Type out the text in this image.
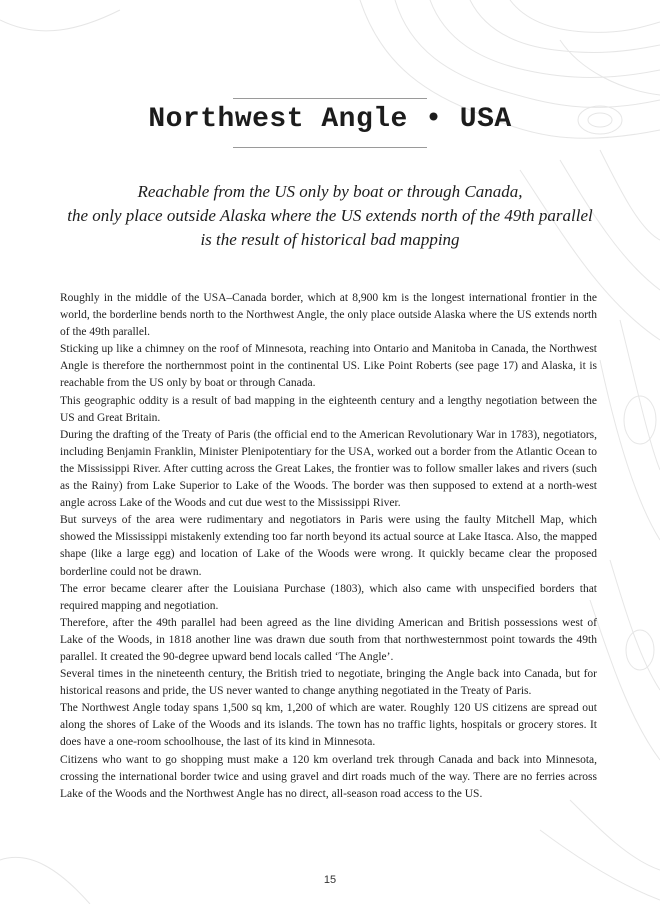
Northwest Angle • USA
Reachable from the US only by boat or through Canada,
the only place outside Alaska where the US extends north of the 49th parallel
is the result of historical bad mapping

Roughly in the middle of the USA–Canada border, which at 8,900 km is the longest international frontier in the world, the borderline bends north to the Northwest Angle, the only place outside Alaska where the US extends north of the 49th parallel.

Sticking up like a chimney on the roof of Minnesota, reaching into Ontario and Manitoba in Canada, the Northwest Angle is therefore the northernmost point in the continental US. Like Point Roberts (see page 17) and Alaska, it is reachable from the US only by boat or through Canada.

This geographic oddity is a result of bad mapping in the eighteenth century and a lengthy negotiation between the US and Great Britain.

During the drafting of the Treaty of Paris (the official end to the American Revolutionary War in 1783), negotiators, including Benjamin Franklin, Minister Plenipotentiary for the USA, worked out a border from the Atlantic Ocean to the Mississippi River. After cutting across the Great Lakes, the frontier was to follow smaller lakes and rivers (such as the Rainy) from Lake Superior to Lake of the Woods. The border was then supposed to extend at a north-west angle across Lake of the Woods and cut due west to the Mississippi River.

But surveys of the area were rudimentary and negotiators in Paris were using the faulty Mitchell Map, which showed the Mississippi mistakenly extending too far north beyond its actual source at Lake Itasca. Also, the mapped shape (like a large egg) and location of Lake of the Woods were wrong. It quickly became clear the proposed borderline could not be drawn.

The error became clearer after the Louisiana Purchase (1803), which also came with unspecified borders that required mapping and negotiation.

Therefore, after the 49th parallel had been agreed as the line dividing American and British possessions west of Lake of the Woods, in 1818 another line was drawn due south from that northwesternmost point towards the 49th parallel. It created the 90-degree upward bend locals called ‘The Angle’.

Several times in the nineteenth century, the British tried to negotiate, bringing the Angle back into Canada, but for historical reasons and pride, the US never wanted to change anything negotiated in the Treaty of Paris.

The Northwest Angle today spans 1,500 sq km, 1,200 of which are water. Roughly 120 US citizens are spread out along the shores of Lake of the Woods and its islands. The town has no traffic lights, hospitals or grocery stores. It does have a one-room schoolhouse, the last of its kind in Minnesota.

Citizens who want to go shopping must make a 120 km overland trek through Canada and back into Minnesota, crossing the international border twice and using gravel and dirt roads much of the way. There are no ferries across Lake of the Woods and the Northwest Angle has no direct, all-season road access to the US.

15
